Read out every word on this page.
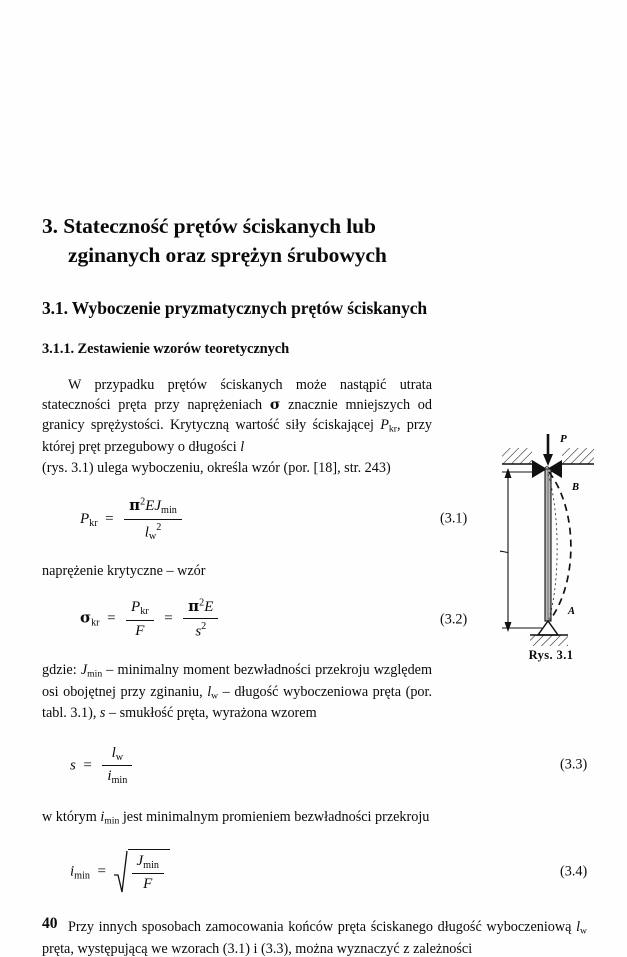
3. Stateczność prętów ściskanych lub
zginanych oraz sprężyn śrubowych
3.1. Wyboczenie pryzmatycznych prętów ściskanych
3.1.1. Zestawienie wzorów teoretycznych

W przypadku prętów ściskanych może nastąpić utrata stateczności pręta przy naprężeniach σ znacznie mniejszych od granicy sprężystości. Krytyczną wartość siły ściskającej $P_{kr}$, przy której pręt przegubowy o długości l
(rys. 3.1) ulega wyboczeniu, określa wzór (por. [18], str. 243)

$P_{kr} = \frac{\pi^2EJ_{min}}{l_w^2}$	(3.1)

naprężenie krytyczne – wzór

$\sigma_{kr} = \frac{P_{kr}}{F} = \frac{\pi^2E}{s^2}$	(3.2)

gdzie: $J_{min}$ – minimalny moment bezwładności przekroju względem osi obojętnej przy zginaniu, $l_w$ – długość wyboczeniowa pręta (por. tabl. 3.1), s – smukłość pręta, wyrażona wzorem

$s = \frac{l_w}{i_{min}}$	(3.3)

w którym $i_{min}$ jest minimalnym promieniem bezwładności przekroju

$i_{min} = \frac{J_{min}}{F}$	(3.4)

Przy innych sposobach zamocowania końców pręta ściskanego długość wyboczeniową $l_w$ pręta, występującą we wzorach (3.1) i (3.3), można wyznaczyć z zależności

P
B
A
l
Rys. 3.1
40
